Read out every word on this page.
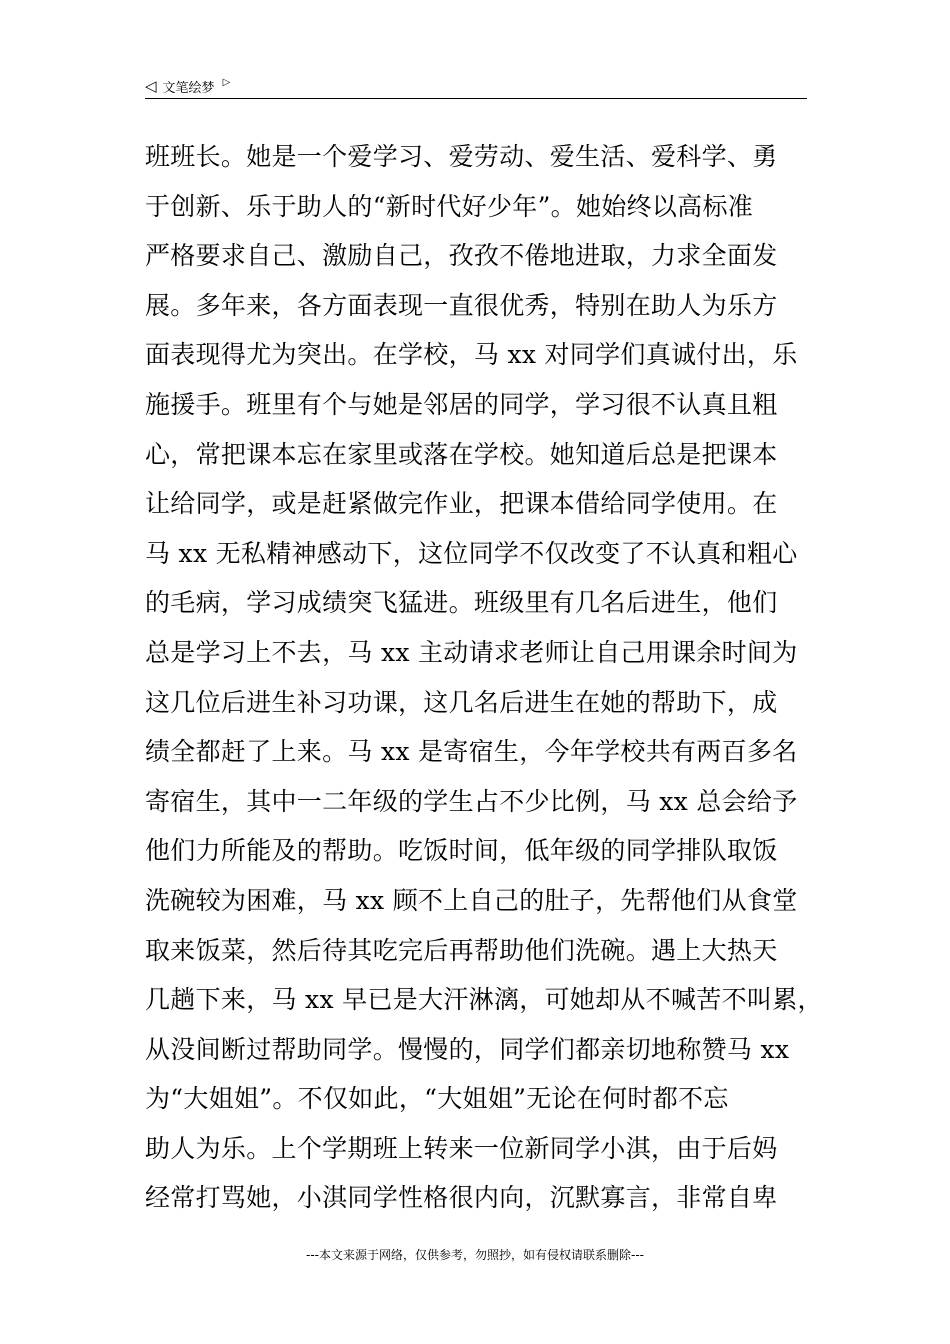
◁ 文笔绘梦 ▷
班班长。她是一个爱学习、爱劳动、爱生活、爱科学、勇
于创新、乐于助人的“新时代好少年”。她始终以高标准
严格要求自己、激励自己，孜孜不倦地进取，力求全面发
展。多年来，各方面表现一直很优秀，特别在助人为乐方
面表现得尤为突出。在学校，马 xx 对同学们真诚付出，乐
施援手。班里有个与她是邻居的同学，学习很不认真且粗
心，常把课本忘在家里或落在学校。她知道后总是把课本
让给同学，或是赶紧做完作业，把课本借给同学使用。在
马 xx 无私精神感动下，这位同学不仅改变了不认真和粗心
的毛病，学习成绩突飞猛进。班级里有几名后进生，他们
总是学习上不去，马 xx 主动请求老师让自己用课余时间为
这几位后进生补习功课，这几名后进生在她的帮助下，成
绩全都赶了上来。马 xx 是寄宿生，今年学校共有两百多名
寄宿生，其中一二年级的学生占不少比例，马 xx 总会给予
他们力所能及的帮助。吃饭时间，低年级的同学排队取饭
洗碗较为困难，马 xx 顾不上自己的肚子，先帮他们从食堂
取来饭菜，然后待其吃完后再帮助他们洗碗。遇上大热天
几趟下来，马 xx 早已是大汗淋漓，可她却从不喊苦不叫累，
从没间断过帮助同学。慢慢的，同学们都亲切地称赞马 xx
为“大姐姐”。不仅如此，“大姐姐”无论在何时都不忘
助人为乐。上个学期班上转来一位新同学小淇，由于后妈
经常打骂她，小淇同学性格很内向，沉默寡言，非常自卑
---本文来源于网络，仅供参考，勿照抄，如有侵权请联系删除---
